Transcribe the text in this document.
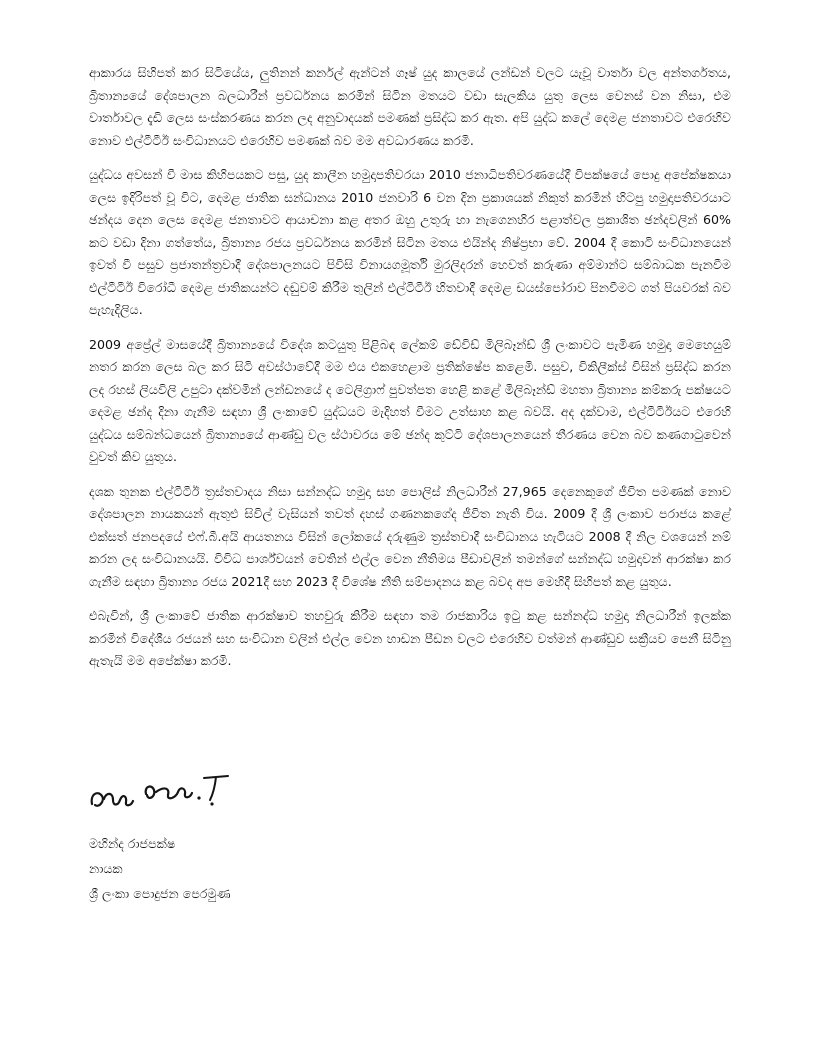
ආකාරය සිහිපත් කර සිටියේය, ලුතිනන් කර්නල් ඇන්ටන් ගෑෂ් යුද කාලයේ ලන්ඩන් වලට යැවූ වාර්තා වල අන්තර්ගතය, බ්‍රිතාන්‍යයේ දේශපාලන බලධාරීන් ප්‍රවර්ධනය කරමින් සිටින මතයට වඩා සැලකිය යුතු ලෙස වෙනස් වන නිසා, එම වාර්තාවල දැඩි ලෙස සංස්කරණය කරන ලද අනුවාදයක් පමණක් ප්‍රසිද්ධ කර ඇත. අපි යුද්ධ කලේ දෙමළ ජනතාවට එරෙහිව නොව එල්ටීටීඊ සංවිධානයට එරෙහිව පමණක් බව මම අවධාරණය කරමි.

යුද්ධය අවසන් වී මාස කිහිපයකට පසු, යුද කාලීන හමුදාපතිවරයා 2010 ජනාධිපතිවරණයේදී විපක්ෂයේ පොදු අපේක්ෂකයා ලෙස ඉදිරිපත් වූ විට, දෙමළ ජාතික සන්ධානය 2010 ජනවාරි 6 වන දින ප්‍රකාශයක් නිකුත් කරමින් හිටපු හමුදාපතිවරයාට ඡන්දය දෙන ලෙස දෙමළ ජනතාවට ආයාචනා කළ අතර ඔහු උතුරු හා නැගෙනහිර පළාත්වල ප්‍රකාශිත ඡන්දවලින් 60% කට වඩා දිනා ගත්තේය, බ්‍රිතාන්‍ය රජය ප්‍රවර්ධනය කරමින් සිටින මතය එයින්ද නිෂ්ප්‍රභා වේ. 2004 දී කොටි සංවිධානයෙන් ඉවත් වී පසුව ප්‍රජාතන්ත්‍රවාදී දේශපාලනයට පිවිසි විනායගමූර්ති මුරලිදරන් හෙවත් කරුණා අම්මාන්ට සම්බාධක පැනවීම එල්ටීටීඊ විරෝධී දෙමළ ජාතිකයන්ට දඬුවම් කිරීම තුලින් එල්ටීටීඊ හිතවාදී දෙමළ ඩයස්පෝරාව පිනවීමට ගත් පියවරක් බව පැහැදිලිය.

2009 අප්‍රේල් මාසයේදී බ්‍රිතාන්‍යයේ විදේශ කටයුතු පිළිබඳ ලේකම් ඩේවිඩ් මිලිබෑන්ඩ් ශ්‍රී ලංකාවට පැමිණ හමුදා මෙහෙයුම් නතර කරන ලෙස බල කර සිටි අවස්ථාවේදී මම එය එකහෙළාම ප්‍රතික්ෂේප කළෙමි. පසුව, විකිලීක්ස් විසින් ප්‍රසිද්ධ කරන ලද රහස් ලියවිලි උපුටා දක්වමින් ලන්ඩනයේ ද ටෙලිග්‍රාෆ් පුවත්පත හෙළි කළේ මිලිබෑන්ඩ් මහතා බ්‍රිතාන්‍ය කම්කරු පක්ෂයට දෙමළ ඡන්ද දිනා ගැනීම සඳහා ශ්‍රී ලංකාවේ යුද්ධයට මැදිහත් වීමට උත්සාහ කළ බවයි. අද දක්වාම, එල්ටීටීඊයට එරෙහි යුද්ධය සම්බන්ධයෙන් බ්‍රිතාන්‍යයේ ආණ්ඩු වල ස්ථාවරය මේ ඡන්ද කුට්ටි දේශපාලනයෙන් තීරණය වෙන බව කණගාටුවෙන් වුවත් කිව යුතුය.

දශක තුනක එල්ටීටීඊ ත්‍රස්තවාදය නිසා සන්නද්ධ හමුදා සහ පොලිස් නිලධාරීන් 27,965 දෙනෙකුගේ ජීවිත පමණක් නොව දේශපාලන නායකයන් ඇතුළු සිවිල් වැසියන් තවත් දහස් ගණනකගේද ජීවිත නැති විය. 2009 දී ශ්‍රී ලංකාව පරාජය කළේ එක්සත් ජනපදයේ එෆ්.බී.අයි ආයතනය විසින් ලෝකයේ දරුණුම ත්‍රස්තවාදී සංවිධානය හැටියට 2008 දී නිල වශයෙන් නම් කරන ලද සංවිධානයයි. විවිධ පාර්ශ්වයන් වෙතින් එල්ල වෙන නීතිමය පීඩාවලින් තමන්ගේ සන්නද්ධ හමුදාවන් ආරක්ෂා කර ගැනීම සඳහා බ්‍රිතාන්‍ය රජය 2021දී සහ 2023 දී විශේෂ නීති සම්පාදනය කළ බවද අප මෙහිදී සිහිපත් කළ යුතුය.

එබැවින්, ශ්‍රී ලංකාවේ ජාතික ආරක්ෂාව තහවුරු කිරීම සඳහා තම රාජකාරිය ඉටු කළ සන්නද්ධ හමුදා නිලධාරීන් ඉලක්ක කරමින් විදේශීය රජයන් සහ සංවිධාන වලින් එල්ල වෙන හාඩන පීඩන වලට එරෙහිව වත්මන් ආණ්ඩුව සක්‍රීයව පෙනී සිටිනු ඇතැයි මම අපේක්ෂා කරමි.

මහින්ද රාජපක්ෂ
නායක
ශ්‍රී ලංකා පොදුජන පෙරමුණ
